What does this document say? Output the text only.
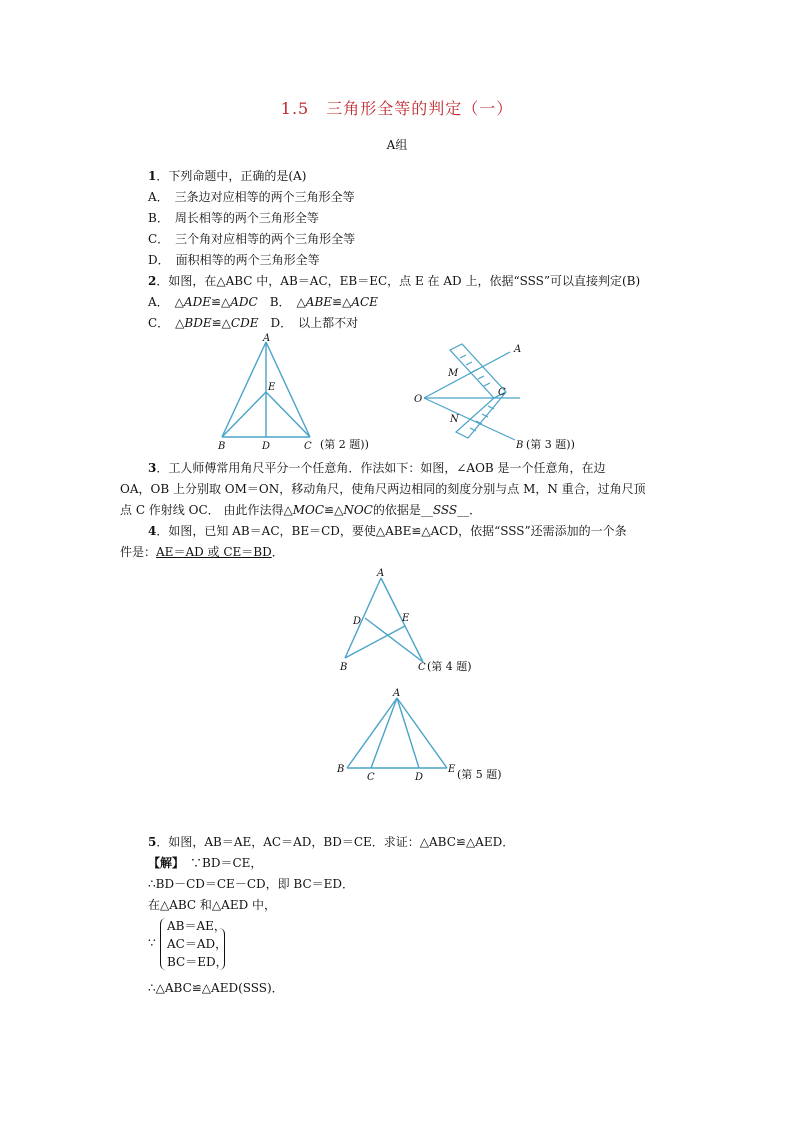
1.5　三角形全等的判定（一）
A组
1．下列命题中，正确的是(A)
A．　三条边对应相等的两个三角形全等
B．　周长相等的两个三角形全等
C．　三个角对应相等的两个三角形全等
D．　面积相等的两个三角形全等
2．如图，在△ABC 中，AB＝AC，EB＝EC，点 E 在 AD 上，依据“SSS”可以直接判定(B)
A．　△ADE≌△ADC　B．　△ABE≌△ACE
C．　△BDE≌△CDE　D．　以上都不对
A
E
B	D	C (第 2 题))
A
M
O
C
N
B (第 3 题))
3．工人师傅常用角尺平分一个任意角．作法如下：如图，∠AOB 是一个任意角，在边
OA，OB 上分别取 OM＝ON，移动角尺，使角尺两边相同的刻度分别与点 M，N 重合，过角尺顶
点 C 作射线 OC． 由此作法得△MOC≌△NOC的依据是__SSS__．
4．如图，已知 AB＝AC，BE＝CD，要使△ABE≌△ACD，依据“SSS”还需添加的一个条
件是：AE＝AD 或 CE＝BD．
A
D	E
B	C (第 4 题)
A
B
C	D
E (第 5 题)
5．如图，AB＝AE，AC＝AD，BD＝CE．求证：△ABC≌△AED．
【解】　 ∵BD＝CE，
∴BD－CD＝CE－CD，即 BC＝ED．
在△ABC 和△AED 中，
∵
AB＝AE，
AC＝AD，
BC＝ED，
∴△ABC≌△AED(SSS)．
